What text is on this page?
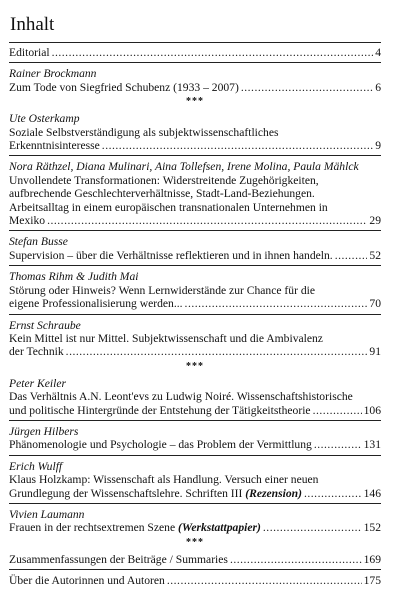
Inhalt
Editorial .....	4
Rainer Brockmann
Zum Tode von Siegfried Schubenz (1933 – 2007) .....	6
***
Ute Osterkamp
Soziale Selbstverständigung als subjektwissenschaftliches
Erkenntnisinteresse .....	9
Nora Räthzel, Diana Mulinari, Aina Tollefsen, Irene Molina, Paula Mählck
Unvollendete Transformationen: Widerstreitende Zugehörigkeiten,
aufbrechende Geschlechterverhältnisse, Stadt-Land-Beziehungen.
Arbeitsalltag in einem europäischen transnationalen Unternehmen in
Mexiko .....	29
Stefan Busse
Supervision – über die Verhältnisse reflektieren und in ihnen handeln. .....	52
Thomas Rihm & Judith Mai
Störung oder Hinweis? Wenn Lernwiderstände zur Chance für die
eigene Professionalisierung werden... .....	70
Ernst Schraube
Kein Mittel ist nur Mittel. Subjektwissenschaft und die Ambivalenz
der Technik .....	91
***
Peter Keiler
Das Verhältnis A.N. Leont'evs zu Ludwig Noiré. Wissenschaftshistorische
und politische Hintergründe der Entstehung der Tätigkeitstheorie .....	106
Jürgen Hilbers
Phänomenologie und Psychologie – das Problem der Vermittlung .....	131
Erich Wulff
Klaus Holzkamp: Wissenschaft als Handlung. Versuch einer neuen
Grundlegung der Wissenschaftslehre. Schriften III (Rezension) .....	146
Vivien Laumann
Frauen in der rechtsextremen Szene (Werkstattpapier) .....	152
***
Zusammenfassungen der Beiträge / Summaries .....	169
Über die Autorinnen und Autoren .....	175
